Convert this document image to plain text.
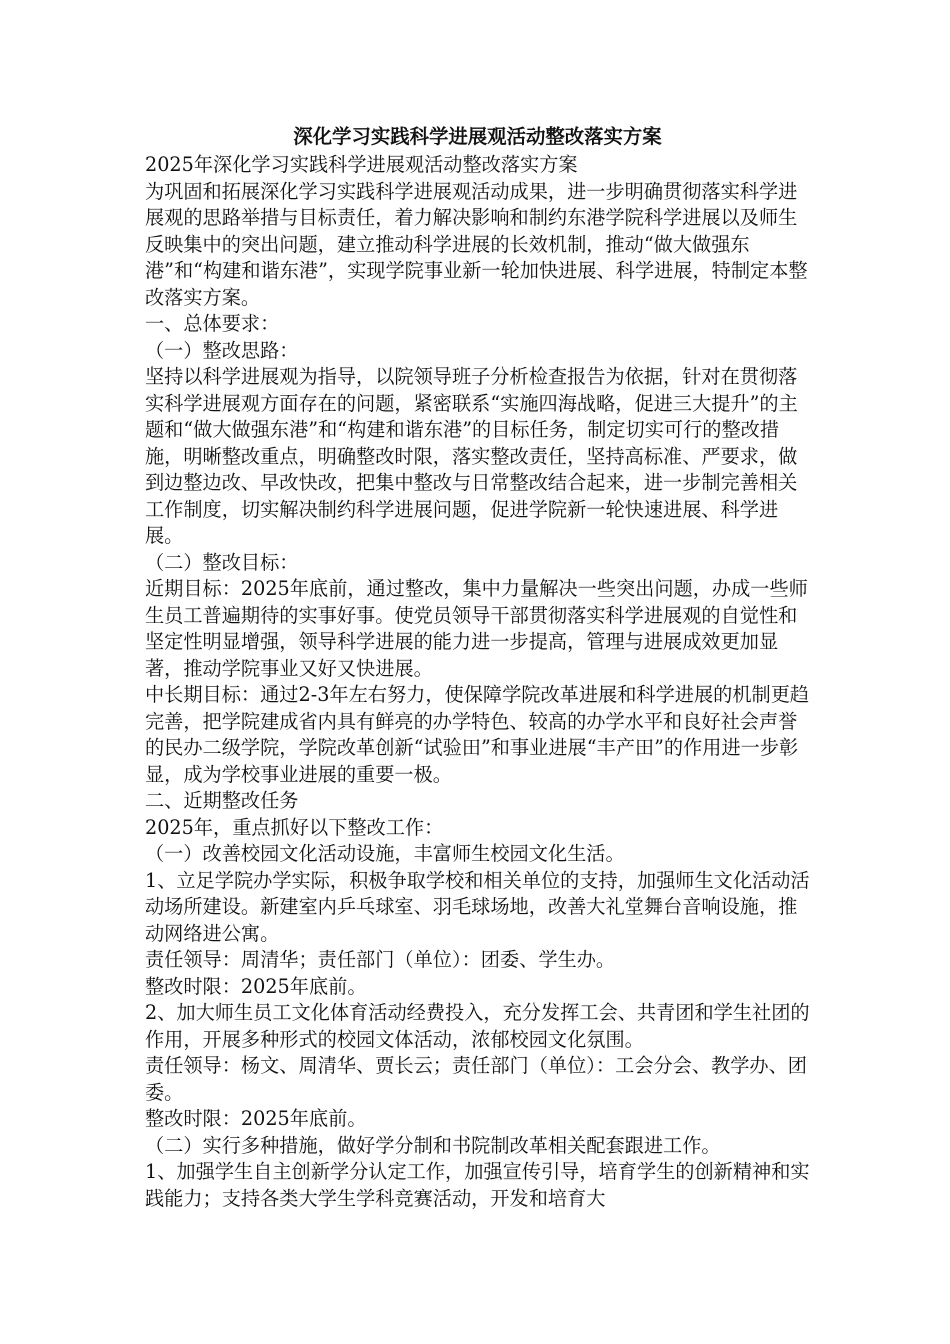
深化学习实践科学进展观活动整改落实方案

2025年深化学习实践科学进展观活动整改落实方案

为巩固和拓展深化学习实践科学进展观活动成果，进一步明确贯彻落实科学进展观的思路举措与目标责任，着力解决影响和制约东港学院科学进展以及师生反映集中的突出问题，建立推动科学进展的长效机制，推动“做大做强东港”和“构建和谐东港”，实现学院事业新一轮加快进展、科学进展，特制定本整改落实方案。

一、总体要求：

（一）整改思路：

坚持以科学进展观为指导，以院领导班子分析检查报告为依据，针对在贯彻落实科学进展观方面存在的问题，紧密联系“实施四海战略，促进三大提升”的主题和“做大做强东港”和“构建和谐东港”的目标任务，制定切实可行的整改措施，明晰整改重点，明确整改时限，落实整改责任，坚持高标准、严要求，做到边整边改、早改快改，把集中整改与日常整改结合起来，进一步制完善相关工作制度，切实解决制约科学进展问题，促进学院新一轮快速进展、科学进展。

（二）整改目标：

近期目标：2025年底前，通过整改，集中力量解决一些突出问题，办成一些师生员工普遍期待的实事好事。使党员领导干部贯彻落实科学进展观的自觉性和坚定性明显增强，领导科学进展的能力进一步提高，管理与进展成效更加显著，推动学院事业又好又快进展。

中长期目标：通过2-3年左右努力，使保障学院改革进展和科学进展的机制更趋完善，把学院建成省内具有鲜亮的办学特色、较高的办学水平和良好社会声誉的民办二级学院，学院改革创新“试验田”和事业进展“丰产田”的作用进一步彰显，成为学校事业进展的重要一极。

二、近期整改任务

2025年，重点抓好以下整改工作：

（一）改善校园文化活动设施，丰富师生校园文化生活。

1、立足学院办学实际，积极争取学校和相关单位的支持，加强师生文化活动活动场所建设。新建室内乒乓球室、羽毛球场地，改善大礼堂舞台音响设施，推动网络进公寓。

责任领导：周清华；责任部门（单位）：团委、学生办。

整改时限：2025年底前。

2、加大师生员工文化体育活动经费投入，充分发挥工会、共青团和学生社团的作用，开展多种形式的校园文体活动，浓郁校园文化氛围。

责任领导：杨文、周清华、贾长云；责任部门（单位）：工会分会、教学办、团委。

整改时限：2025年底前。

（二）实行多种措施，做好学分制和书院制改革相关配套跟进工作。

1、加强学生自主创新学分认定工作，加强宣传引导，培育学生的创新精神和实践能力；支持各类大学生学科竞赛活动，开发和培育大
